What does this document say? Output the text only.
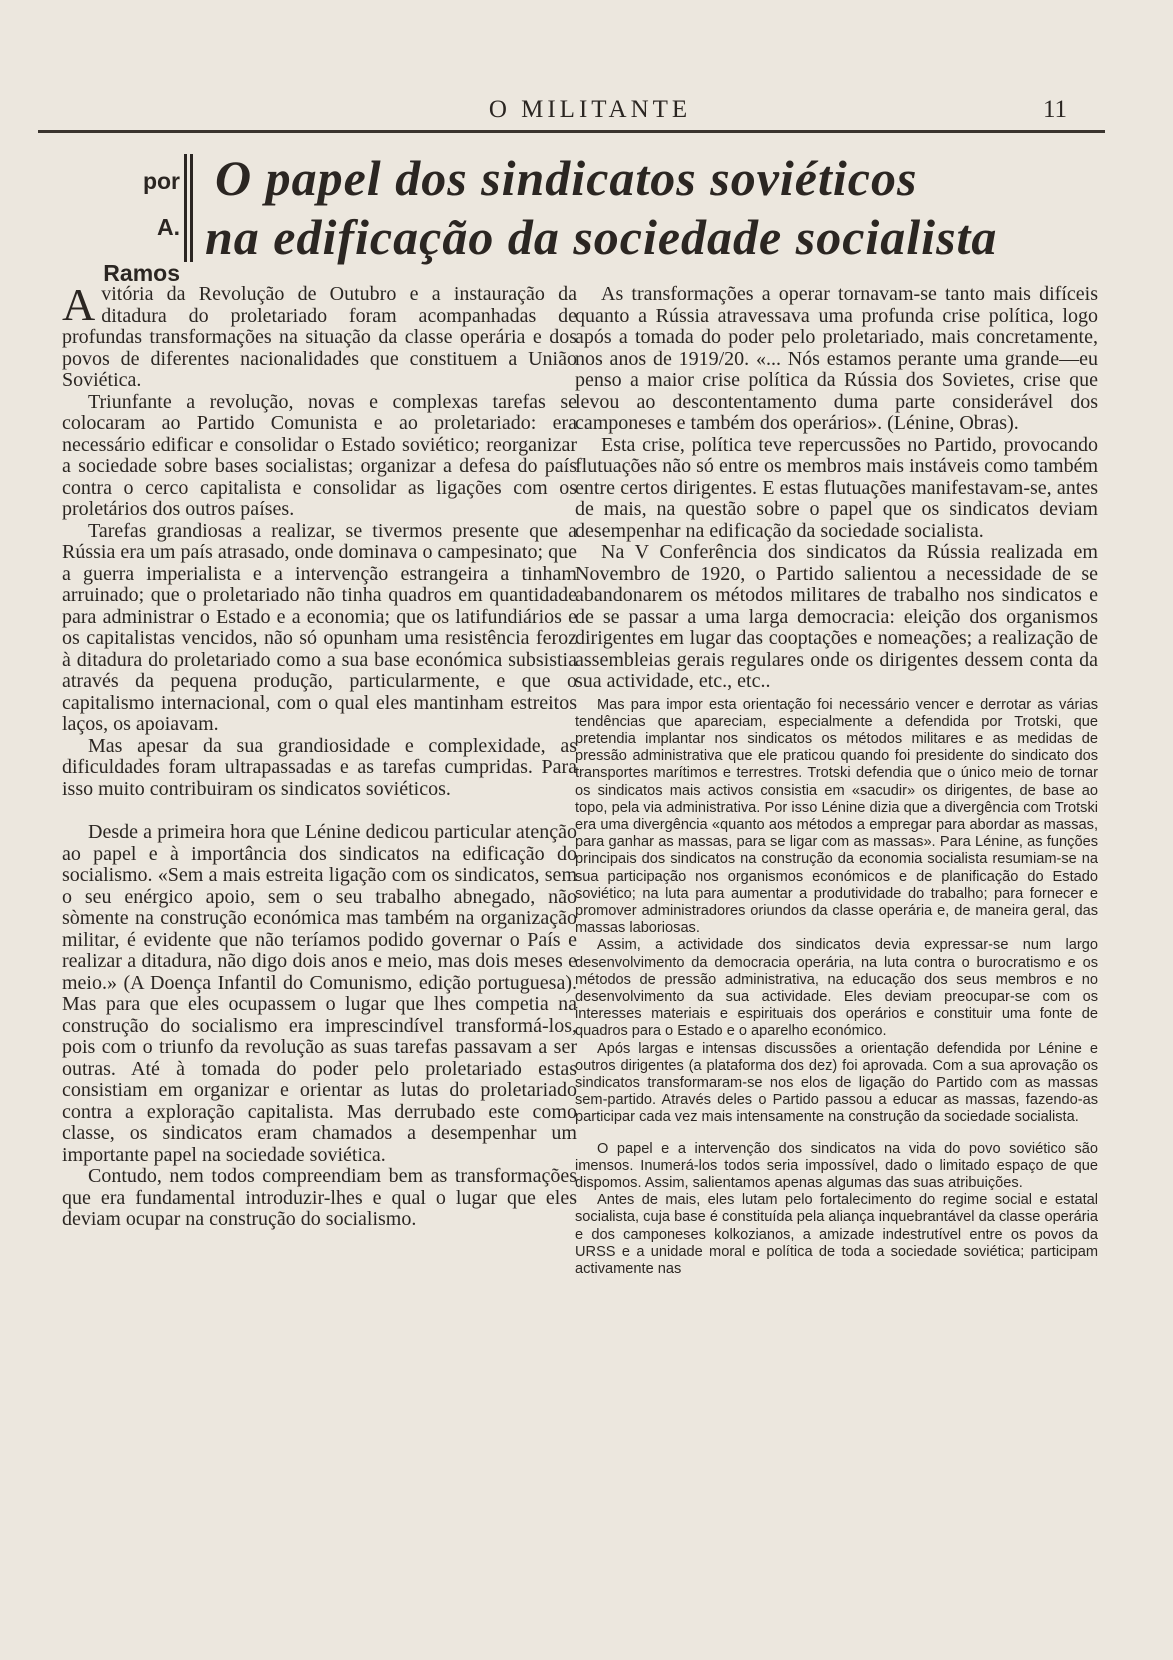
O MILITANTE	11
por
A. Ramos
O papel dos sindicatos soviéticos
na edificação da sociedade socialista

Avitória da Revolução de Outubro e a instauração da ditadura do proletariado foram acompanhadas de profundas transformações na situação da classe operária e dos povos de diferentes nacionalidades que constituem a União Soviética.

Triunfante a revolução, novas e complexas tarefas se colocaram ao Partido Comunista e ao proletariado: era necessário edificar e consolidar o Estado soviético; reorganizar a sociedade sobre bases socialistas; organizar a defesa do país contra o cerco capitalista e consolidar as ligações com os proletários dos outros países.

Tarefas grandiosas a realizar, se tivermos presente que a Rússia era um país atrasado, onde dominava o campesinato; que a guerra imperialista e a intervenção estrangeira a tinham arruinado; que o proletariado não tinha quadros em quantidade para administrar o Estado e a economia; que os latifundiários e os capitalistas vencidos, não só opunham uma resistência feroz à ditadura do proletariado como a sua base económica subsistia através da pequena produção, particularmente, e que o capitalismo internacional, com o qual eles mantinham estreitos laços, os apoiavam.

Mas apesar da sua grandiosidade e complexidade, as dificuldades foram ultrapassadas e as tarefas cumpridas. Para isso muito contribuiram os sindicatos soviéticos.

Desde a primeira hora que Lénine dedicou particular atenção ao papel e à importância dos sindicatos na edificação do socialismo. «Sem a mais estreita ligação com os sindicatos, sem o seu enérgico apoio, sem o seu trabalho abnegado, não sòmente na construção económica mas também na organização militar, é evidente que não teríamos podido governar o País e realizar a ditadura, não digo dois anos e meio, mas dois meses e meio.» (A Doença Infantil do Comunismo, edição portuguesa). Mas para que eles ocupassem o lugar que lhes competia na construção do socialismo era imprescindível transformá-los, pois com o triunfo da revolução as suas tarefas passavam a ser outras. Até à tomada do poder pelo proletariado estas consistiam em organizar e orientar as lutas do proletariado contra a exploração capitalista. Mas derrubado este como classe, os sindicatos eram chamados a desempenhar um importante papel na sociedade soviética.

Contudo, nem todos compreendiam bem as transformações que era fundamental introduzir-lhes e qual o lugar que eles deviam ocupar na construção do socialismo.

As transformações a operar tornavam-se tanto mais difíceis quanto a Rússia atravessava uma profunda crise política, logo após a tomada do poder pelo proletariado, mais concretamente, nos anos de 1919/20. «... Nós estamos perante uma grande—eu penso a maior crise política da Rússia dos Sovietes, crise que levou ao descontentamento duma parte considerável dos camponeses e também dos operários». (Lénine, Obras).

Esta crise, política teve repercussões no Partido, provocando flutuações não só entre os membros mais instáveis como também entre certos dirigentes. E estas flutuações manifestavam-se, antes de mais, na questão sobre o papel que os sindicatos deviam desempenhar na edificação da sociedade socialista.

Na V Conferência dos sindicatos da Rússia realizada em Novembro de 1920, o Partido salientou a necessidade de se abandonarem os métodos militares de trabalho nos sindicatos e de se passar a uma larga democracia: eleição dos organismos dirigentes em lugar das cooptações e nomeações; a realização de assembleias gerais regulares onde os dirigentes dessem conta da sua actividade, etc., etc..

Mas para impor esta orientação foi necessário vencer e derrotar as várias tendências que apareciam, especialmente a defendida por Trotski, que pretendia implantar nos sindicatos os métodos militares e as medidas de pressão administrativa que ele praticou quando foi presidente do sindicato dos transportes marítimos e terrestres. Trotski defendia que o único meio de tornar os sindicatos mais activos consistia em «sacudir» os dirigentes, de base ao topo, pela via administrativa. Por isso Lénine dizia que a divergência com Trotski era uma divergência «quanto aos métodos a empregar para abordar as massas, para ganhar as massas, para se ligar com as massas». Para Lénine, as funções principais dos sindicatos na construção da economia socialista resumiam-se na sua participação nos organismos económicos e de planificação do Estado soviético; na luta para aumentar a produtividade do trabalho; para fornecer e promover administradores oriundos da classe operária e, de maneira geral, das massas laboriosas.

Assim, a actividade dos sindicatos devia expressar-se num largo desenvolvimento da democracia operária, na luta contra o burocratismo e os métodos de pressão administrativa, na educação dos seus membros e no desenvolvimento da sua actividade. Eles deviam preocupar-se com os interesses materiais e espirituais dos operários e constituir uma fonte de quadros para o Estado e o aparelho económico.

Após largas e intensas discussões a orientação defendida por Lénine e outros dirigentes (a plataforma dos dez) foi aprovada. Com a sua aprovação os sindicatos transformaram-se nos elos de ligação do Partido com as massas sem-partido. Através deles o Partido passou a educar as massas, fazendo-as participar cada vez mais intensamente na construção da sociedade socialista.

O papel e a intervenção dos sindicatos na vida do povo soviético são imensos. Inumerá-los todos seria impossível, dado o limitado espaço de que dispomos. Assim, salientamos apenas algumas das suas atribuições.

Antes de mais, eles lutam pelo fortalecimento do regime social e estatal socialista, cuja base é constituída pela aliança inquebrantável da classe operária e dos camponeses kolkozianos, a amizade indestrutível entre os povos da URSS e a unidade moral e política de toda a sociedade soviética; participam activamente nas
